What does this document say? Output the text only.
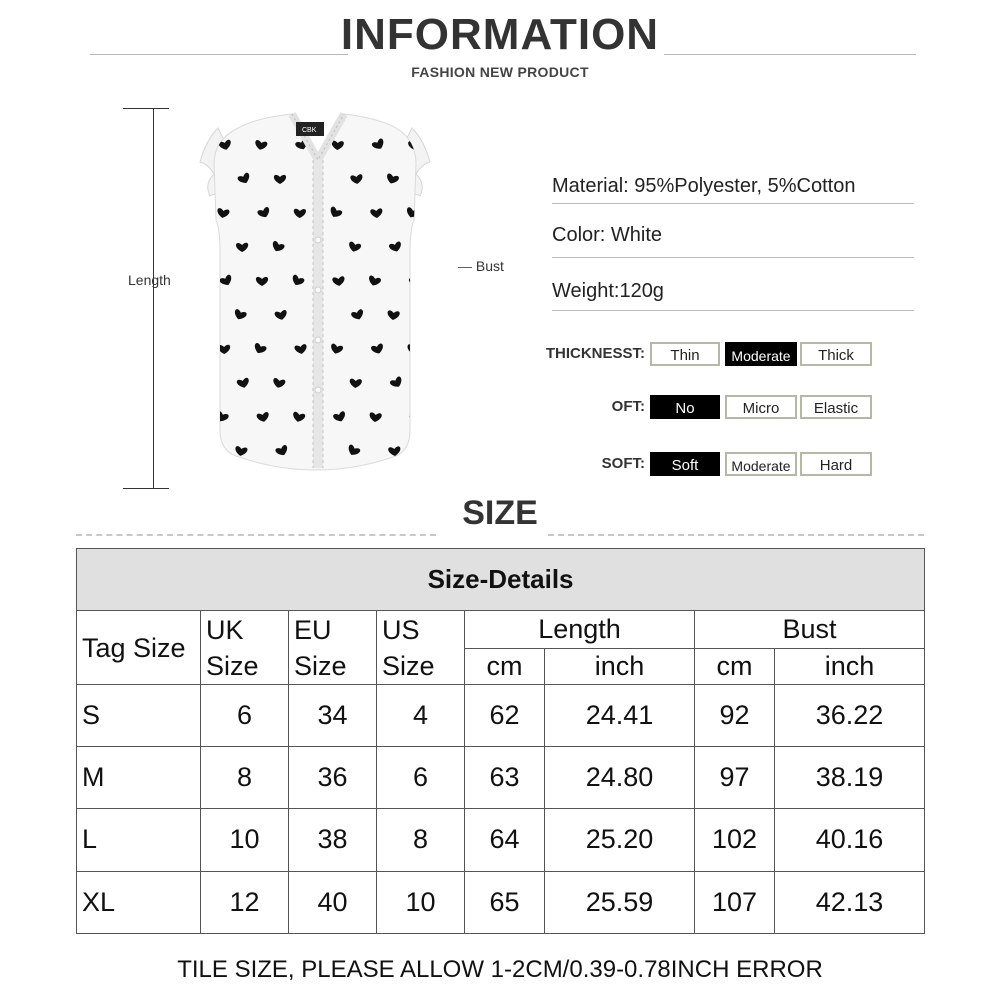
INFORMATION
FASHION NEW PRODUCT
Length
— Bust
CBK
Material: 95%Polyester, 5%Cotton
Color: White
Weight:120g
THICKNESST:	Thin	Moderate	Thick
OFT:	No	Micro	Elastic
SOFT:	Soft	Moderate	Hard
SIZE
Size-Details							
Tag Size	UK Size	EU Size	US Size	Length		Bust	
				cm	inch	cm	inch
S	6	34	4	62	24.41	92	36.22
M	8	36	6	63	24.80	97	38.19
L	10	38	8	64	25.20	102	40.16
XL	12	40	10	65	25.59	107	42.13
TILE SIZE, PLEASE ALLOW 1-2CM/0.39-0.78INCH ERROR
